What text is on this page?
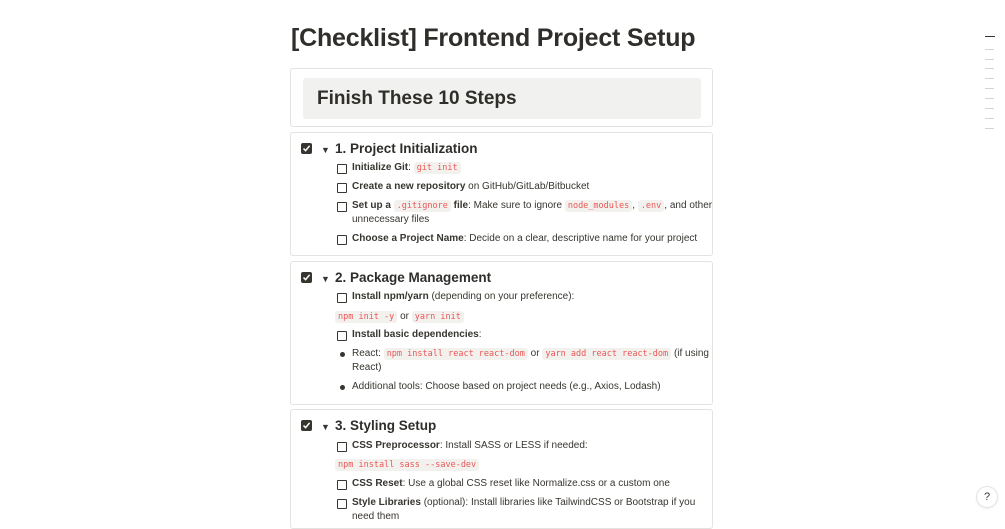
[Checklist] Frontend Project Setup
Finish These 10 Steps
▼ 1. Project Initialization
Initialize Git: git init
Create a new repository on GitHub/GitLab/Bitbucket
Set up a .gitignore file: Make sure to ignore node_modules , .env , and other
unnecessary files
Choose a Project Name: Decide on a clear, descriptive name for your project
▼ 2. Package Management
Install npm/yarn (depending on your preference):
npm init -y or yarn init
Install basic dependencies:
React: npm install react react-dom or yarn add react react-dom (if using
React)
Additional tools: Choose based on project needs (e.g., Axios, Lodash)
▼ 3. Styling Setup
CSS Preprocessor: Install SASS or LESS if needed:
npm install sass --save-dev
CSS Reset: Use a global CSS reset like Normalize.css or a custom one
Style Libraries (optional): Install libraries like TailwindCSS or Bootstrap if you
need them
?
